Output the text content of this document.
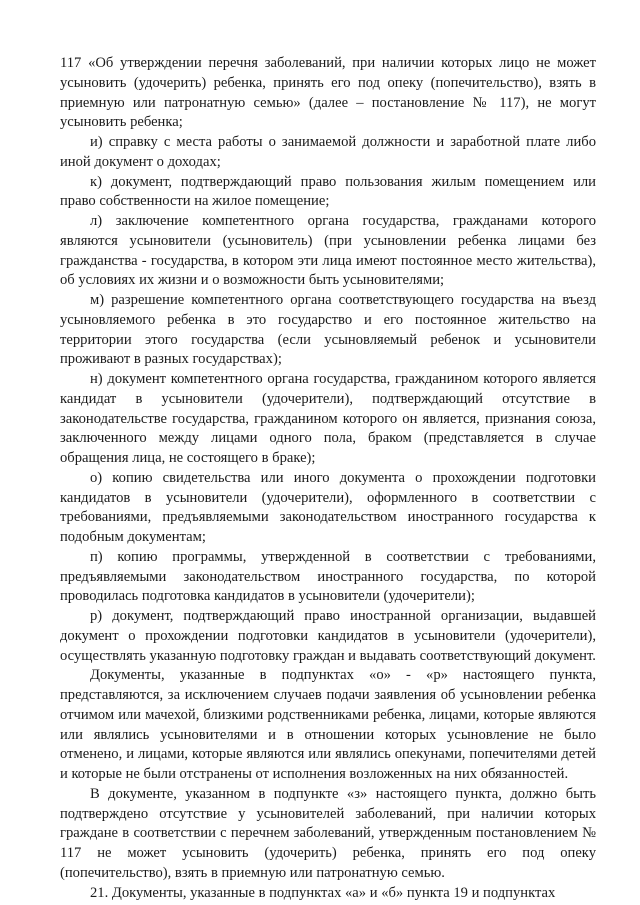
117 «Об утверждении перечня заболеваний, при наличии которых лицо не может усыновить (удочерить) ребенка, принять его под опеку (попечительство), взять в приемную или патронатную семью» (далее – постановление № 117), не могут усыновить ребенка;

и) справку с места работы о занимаемой должности и заработной плате либо иной документ о доходах;

к) документ, подтверждающий право пользования жилым помещением или право собственности на жилое помещение;

л) заключение компетентного органа государства, гражданами которого являются усыновители (усыновитель) (при усыновлении ребенка лицами без гражданства - государства, в котором эти лица имеют постоянное место жительства), об условиях их жизни и о возможности быть усыновителями;

м) разрешение компетентного органа соответствующего государства на въезд усыновляемого ребенка в это государство и его постоянное жительство на территории этого государства (если усыновляемый ребенок и усыновители проживают в разных государствах);

н) документ компетентного органа государства, гражданином которого является кандидат в усыновители (удочерители), подтверждающий отсутствие в законодательстве государства, гражданином которого он является, признания союза, заключенного между лицами одного пола, браком (представляется в случае обращения лица, не состоящего в браке);

о) копию свидетельства или иного документа о прохождении подготовки кандидатов в усыновители (удочерители), оформленного в соответствии с требованиями, предъявляемыми законодательством иностранного государства к подобным документам;

п) копию программы, утвержденной в соответствии с требованиями, предъявляемыми законодательством иностранного государства, по которой проводилась подготовка кандидатов в усыновители (удочерители);

р) документ, подтверждающий право иностранной организации, выдавшей документ о прохождении подготовки кандидатов в усыновители (удочерители), осуществлять указанную подготовку граждан и выдавать соответствующий документ.

Документы, указанные в подпунктах «о» - «р» настоящего пункта, представляются, за исключением случаев подачи заявления об усыновлении ребенка отчимом или мачехой, близкими родственниками ребенка, лицами, которые являются или являлись усыновителями и в отношении которых усыновление не было отменено, и лицами, которые являются или являлись опекунами, попечителями детей и которые не были отстранены от исполнения возложенных на них обязанностей.

В документе, указанном в подпункте «з» настоящего пункта, должно быть подтверждено отсутствие у усыновителей заболеваний, при наличии которых граждане в соответствии с перечнем заболеваний, утвержденным постановлением № 117 не может усыновить (удочерить) ребенка, принять его под опеку (попечительство), взять в приемную или патронатную семью.

21. Документы, указанные в подпунктах «а» и «б» пункта 19 и подпунктах
